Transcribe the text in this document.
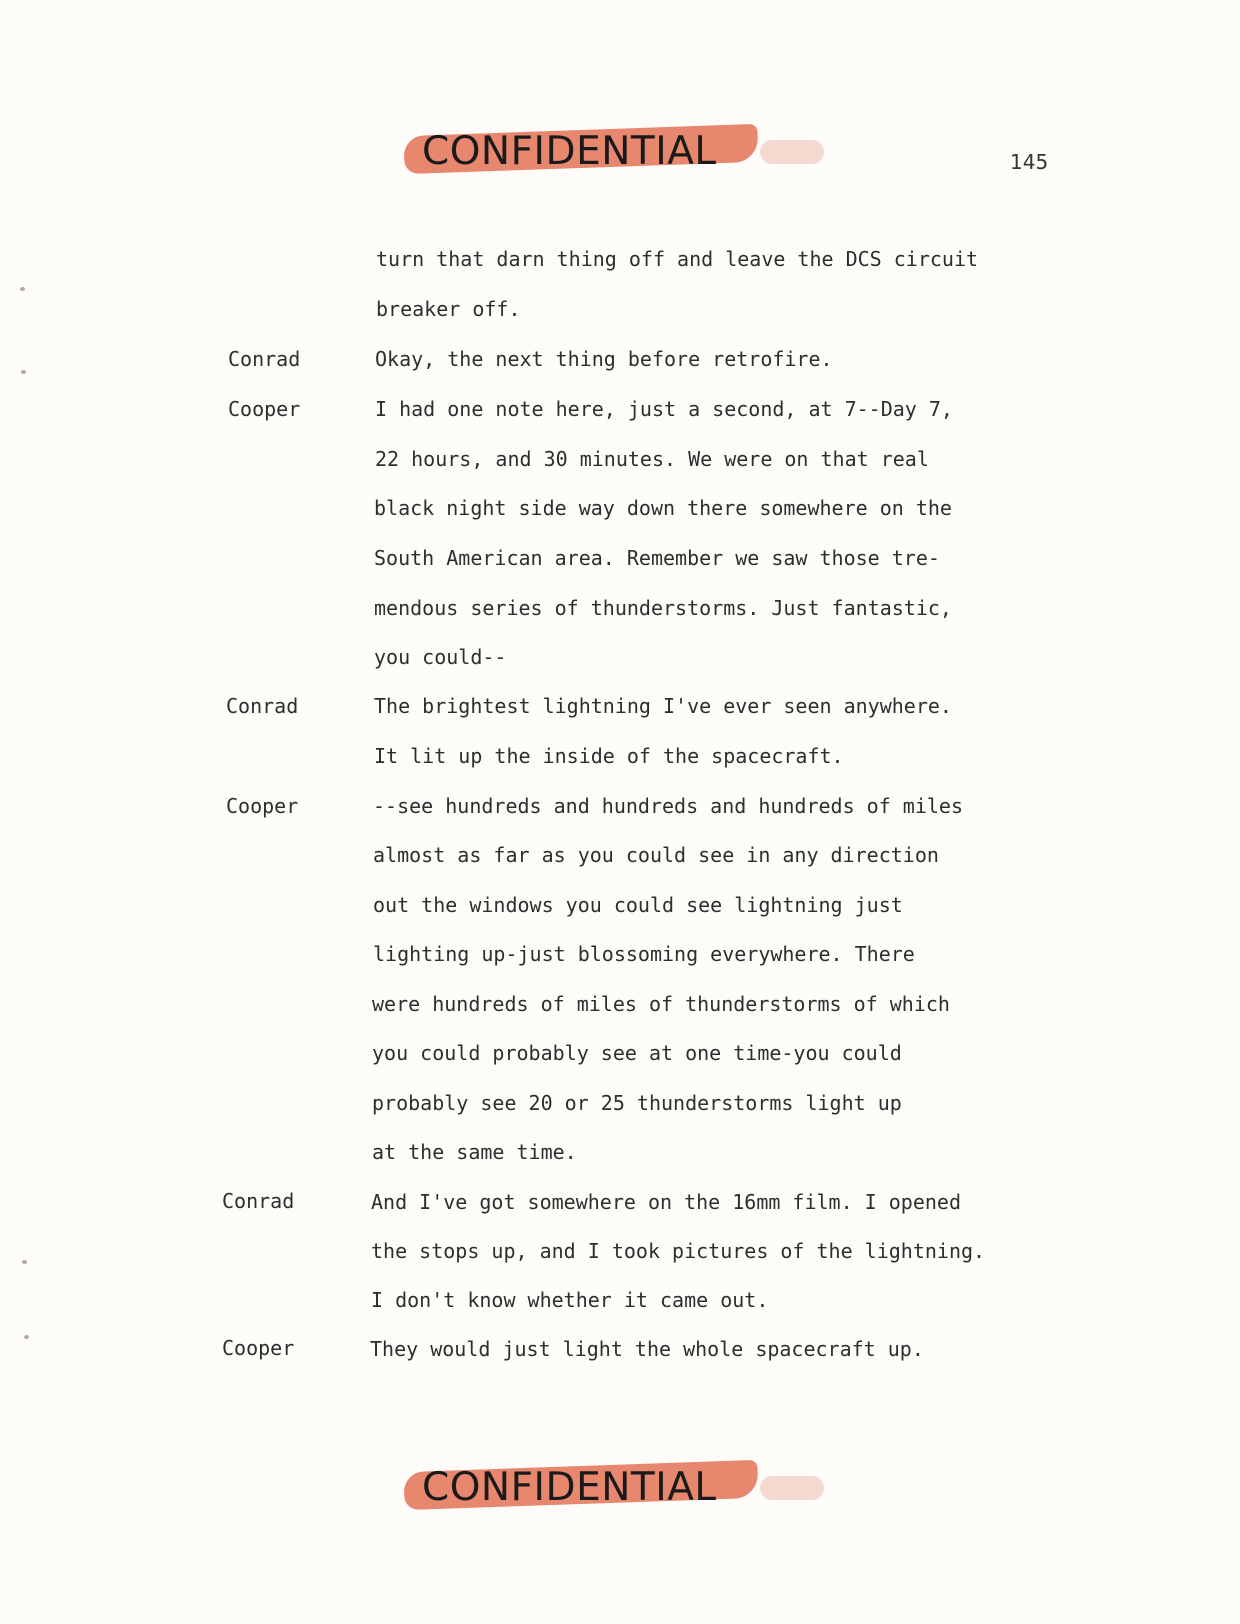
CONFIDENTIAL	145
Conrad
Cooper
Conrad
Cooper
Conrad
Cooper
turn that darn thing off and leave the DCS circuit
breaker off.
Okay, the next thing before retrofire.
I had one note here, just a second, at 7--Day 7,
22 hours, and 30 minutes. We were on that real
black night side way down there somewhere on the
South American area. Remember we saw those tre-
mendous series of thunderstorms. Just fantastic,
you could--
The brightest lightning I've ever seen anywhere.
It lit up the inside of the spacecraft.
--see hundreds and hundreds and hundreds of miles
almost as far as you could see in any direction
out the windows you could see lightning just
lighting up-just blossoming everywhere. There
were hundreds of miles of thunderstorms of which
you could probably see at one time-you could
probably see 20 or 25 thunderstorms light up
at the same time.
And I've got somewhere on the 16mm film. I opened
the stops up, and I took pictures of the lightning.
I don't know whether it came out.
They would just light the whole spacecraft up.
CONFIDENTIAL
